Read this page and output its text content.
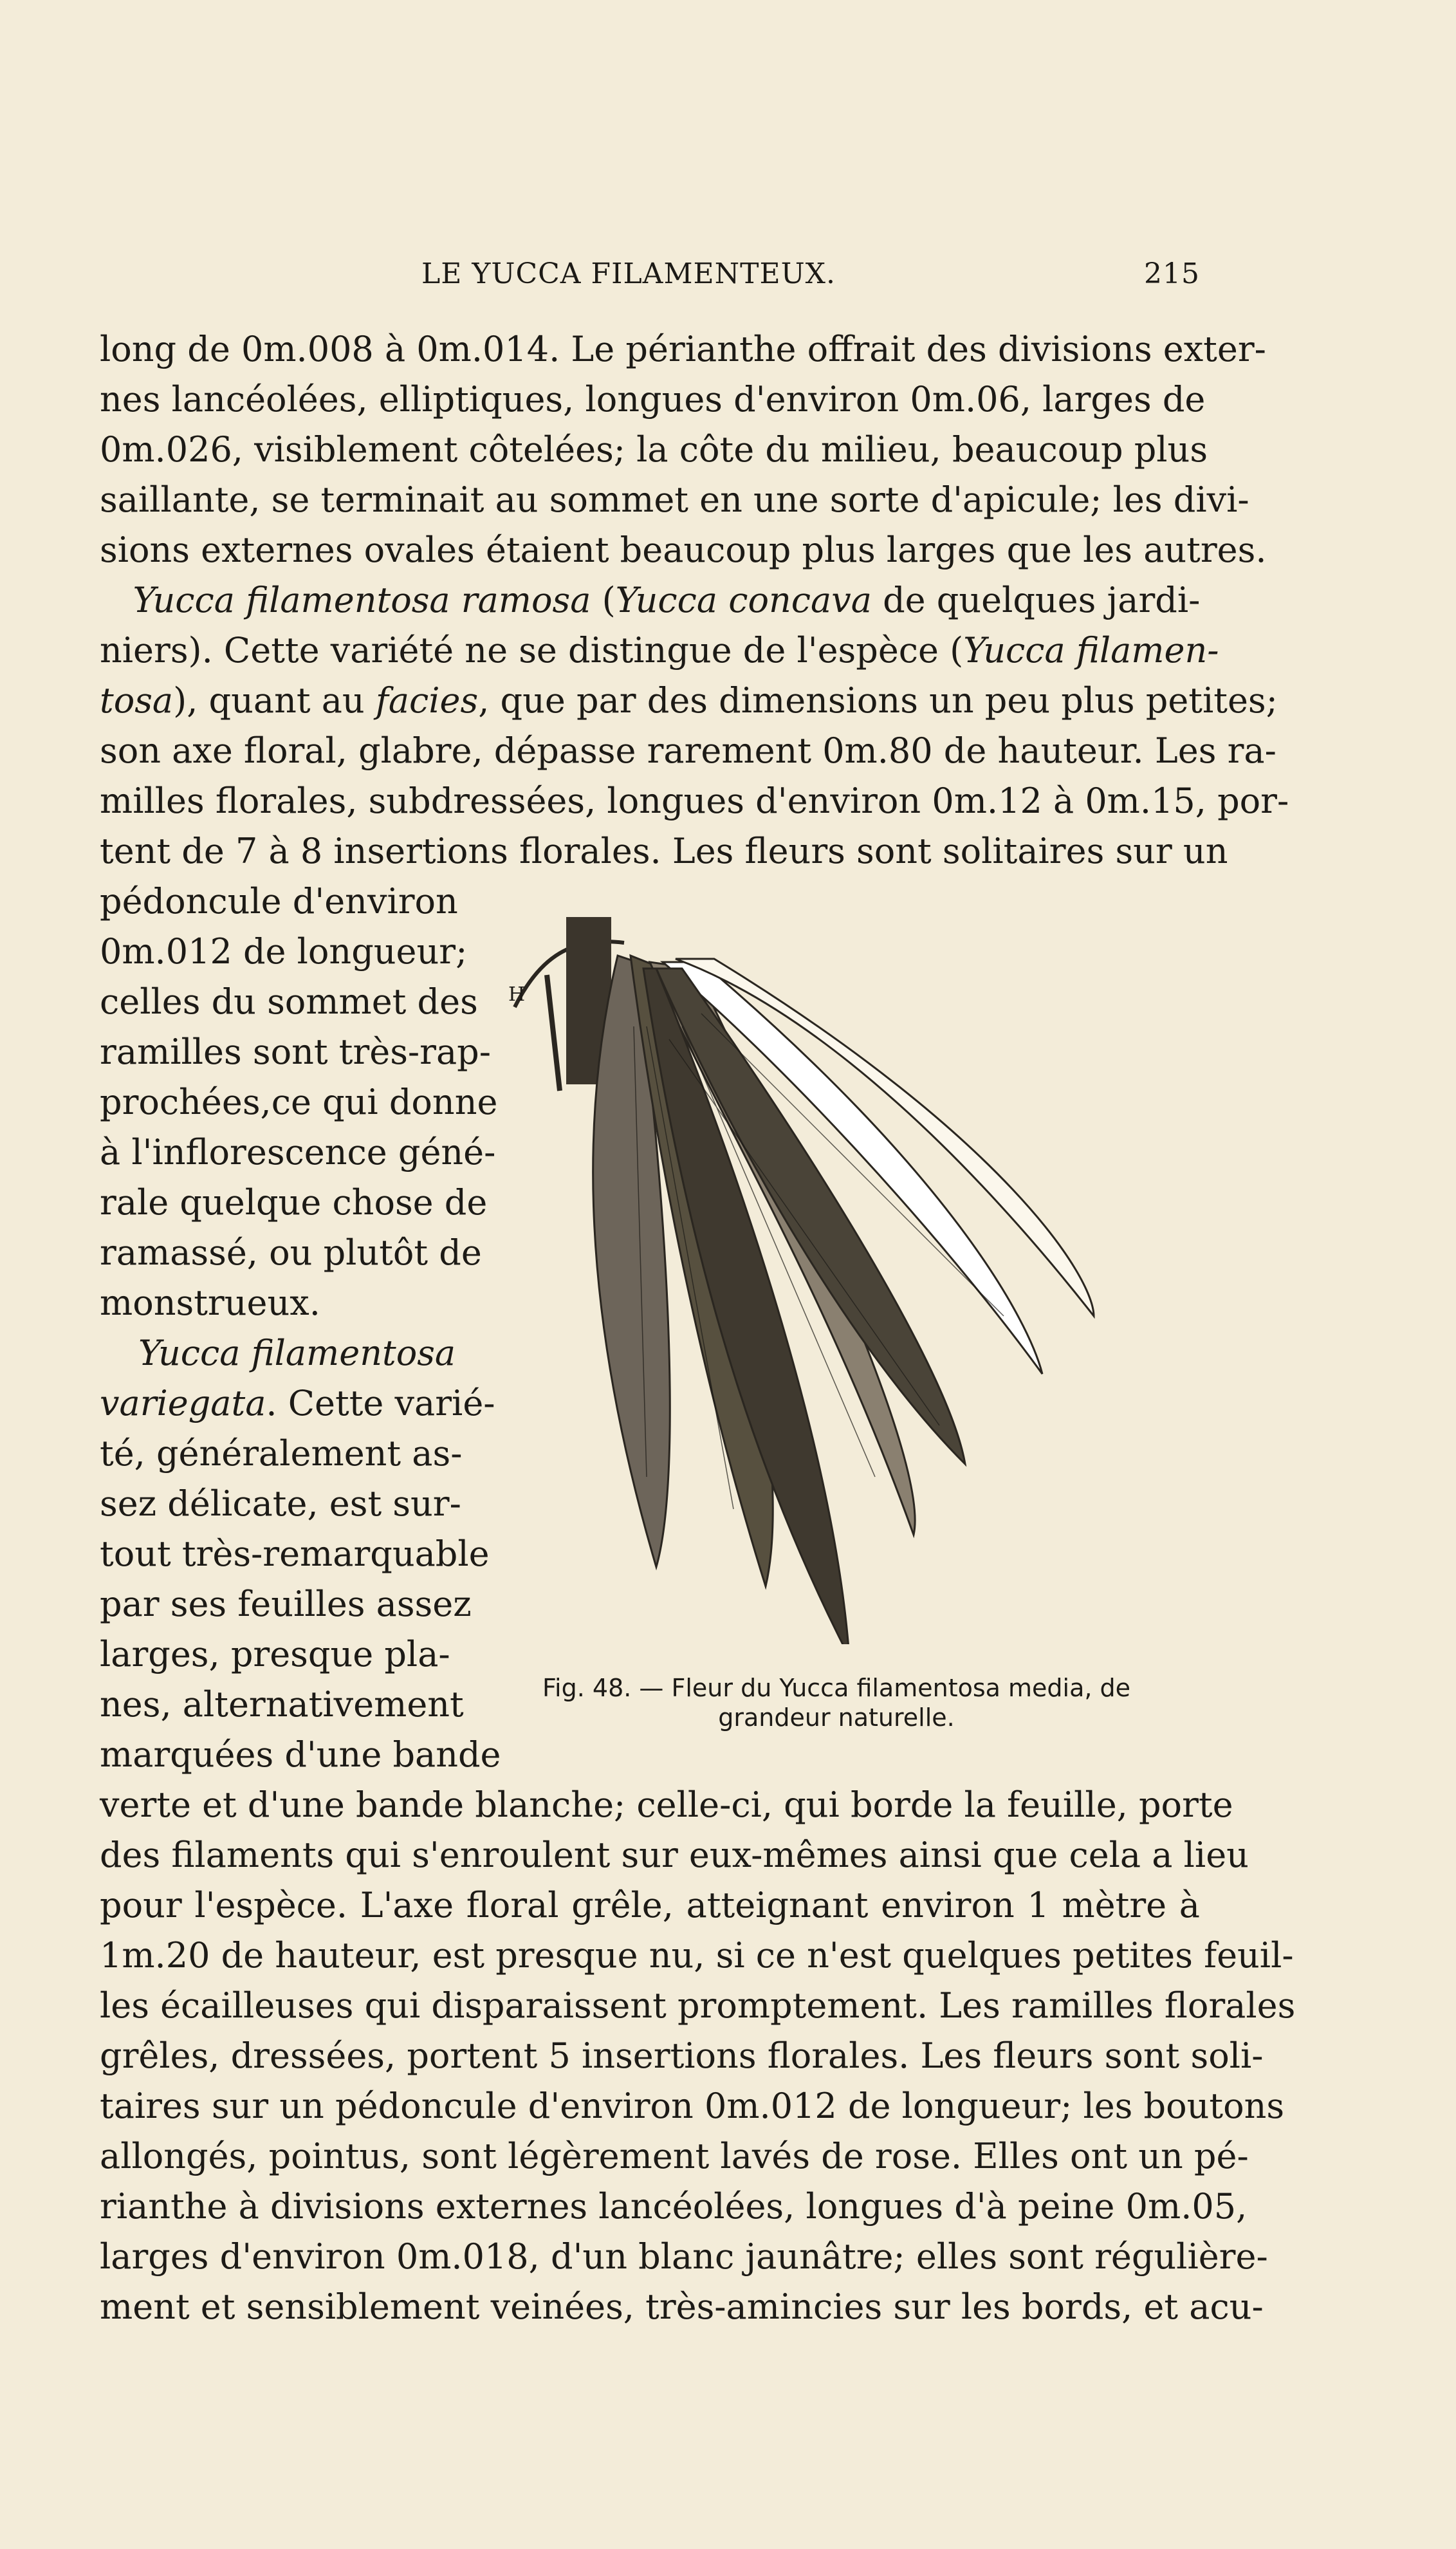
LE YUCCA FILAMENTEUX.	215
long de 0m.008 à 0m.014. Le périanthe offrait des divisions exter-
nes lancéolées, elliptiques, longues d'environ 0m.06, larges de
0m.026, visiblement côtelées; la côte du milieu, beaucoup plus
saillante, se terminait au sommet en une sorte d'apicule; les divi-
sions externes ovales étaient beaucoup plus larges que les autres.
Yucca filamentosa ramosa (Yucca concava de quelques jardi-
niers). Cette variété ne se distingue de l'espèce (Yucca filamen-
tosa), quant au facies, que par des dimensions un peu plus petites;
son axe floral, glabre, dépasse rarement 0m.80 de hauteur. Les ra-
milles florales, subdressées, longues d'environ 0m.12 à 0m.15, por-
tent de 7 à 8 insertions florales. Les fleurs sont solitaires sur un
pédoncule d'environ
0m.012 de longueur;
celles du sommet des
ramilles sont très-rap-
prochées,ce qui donne
à l'inflorescence géné-
rale quelque chose de
ramassé, ou plutôt de
monstrueux.
Yucca filamentosa
variegata. Cette varié-
té, généralement as-
sez délicate, est sur-
tout très-remarquable
par ses feuilles assez
larges, presque pla-
nes, alternativement
marquées d'une bande
verte et d'une bande blanche; celle-ci, qui borde la feuille, porte
des filaments qui s'enroulent sur eux-mêmes ainsi que cela a lieu
pour l'espèce. L'axe floral grêle, atteignant environ 1 mètre à
1m.20 de hauteur, est presque nu, si ce n'est quelques petites feuil-
les écailleuses qui disparaissent promptement. Les ramilles florales
grêles, dressées, portent 5 insertions florales. Les fleurs sont soli-
taires sur un pédoncule d'environ 0m.012 de longueur; les boutons
allongés, pointus, sont légèrement lavés de rose. Elles ont un pé-
rianthe à divisions externes lancéolées, longues d'à peine 0m.05,
larges d'environ 0m.018, d'un blanc jaunâtre; elles sont régulière-
ment et sensiblement veinées, très-amincies sur les bords, et acu-
H
Fig. 48. — Fleur du Yucca filamentosa media, de
grandeur naturelle.
